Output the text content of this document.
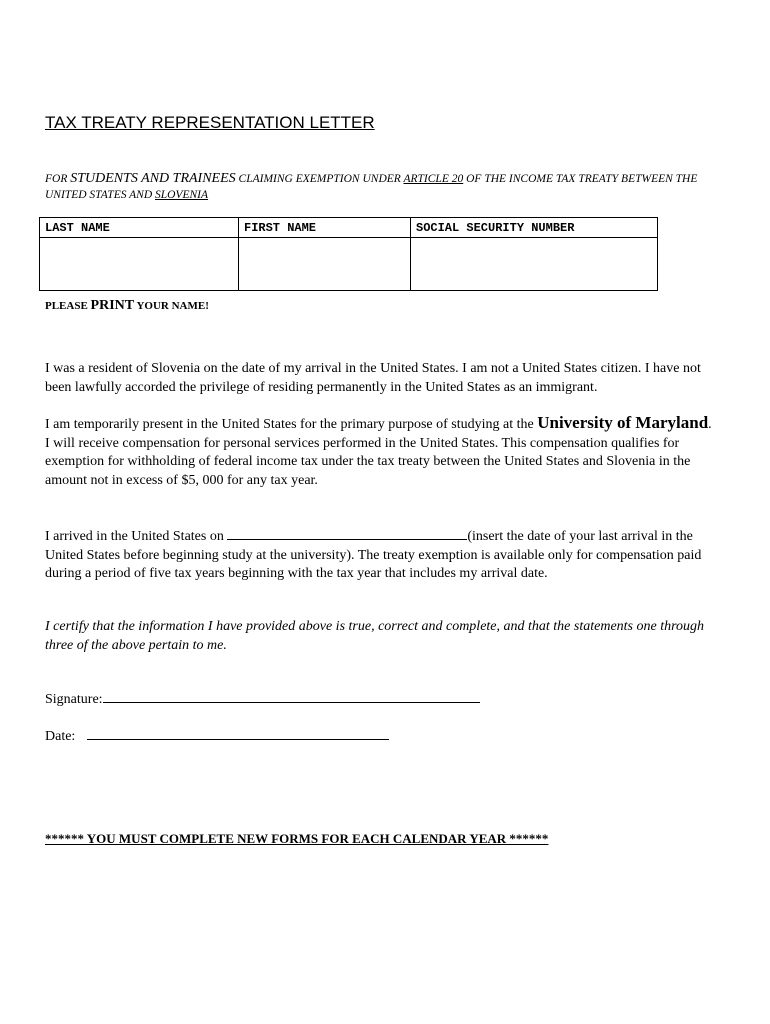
TAX TREATY REPRESENTATION LETTER
FOR STUDENTS AND TRAINEES CLAIMING EXEMPTION UNDER ARTICLE 20 OF THE INCOME TAX TREATY BETWEEN THE UNITED STATES AND SLOVENIA
LAST NAME	FIRST NAME	SOCIAL SECURITY NUMBER

PLEASE PRINT YOUR NAME!
I was a resident of Slovenia on the date of my arrival in the United States. I am not a United States citizen. I have not been lawfully accorded the privilege of residing permanently in the United States as an immigrant.
I am temporarily present in the United States for the primary purpose of studying at the University of Maryland. I will receive compensation for personal services performed in the United States. This compensation qualifies for exemption for withholding of federal income tax under the tax treaty between the United States and Slovenia in the amount not in excess of $5, 000 for any tax year.
I arrived in the United States on	(insert the date of your last arrival in the United States before beginning study at the university). The treaty exemption is available only for compensation paid during a period of five tax years beginning with the tax year that includes my arrival date.
I certify that the information I have provided above is true, correct and complete, and that the statements one through three of the above pertain to me.
Signature:
Date:
****** YOU MUST COMPLETE NEW FORMS FOR EACH CALENDAR YEAR ******
